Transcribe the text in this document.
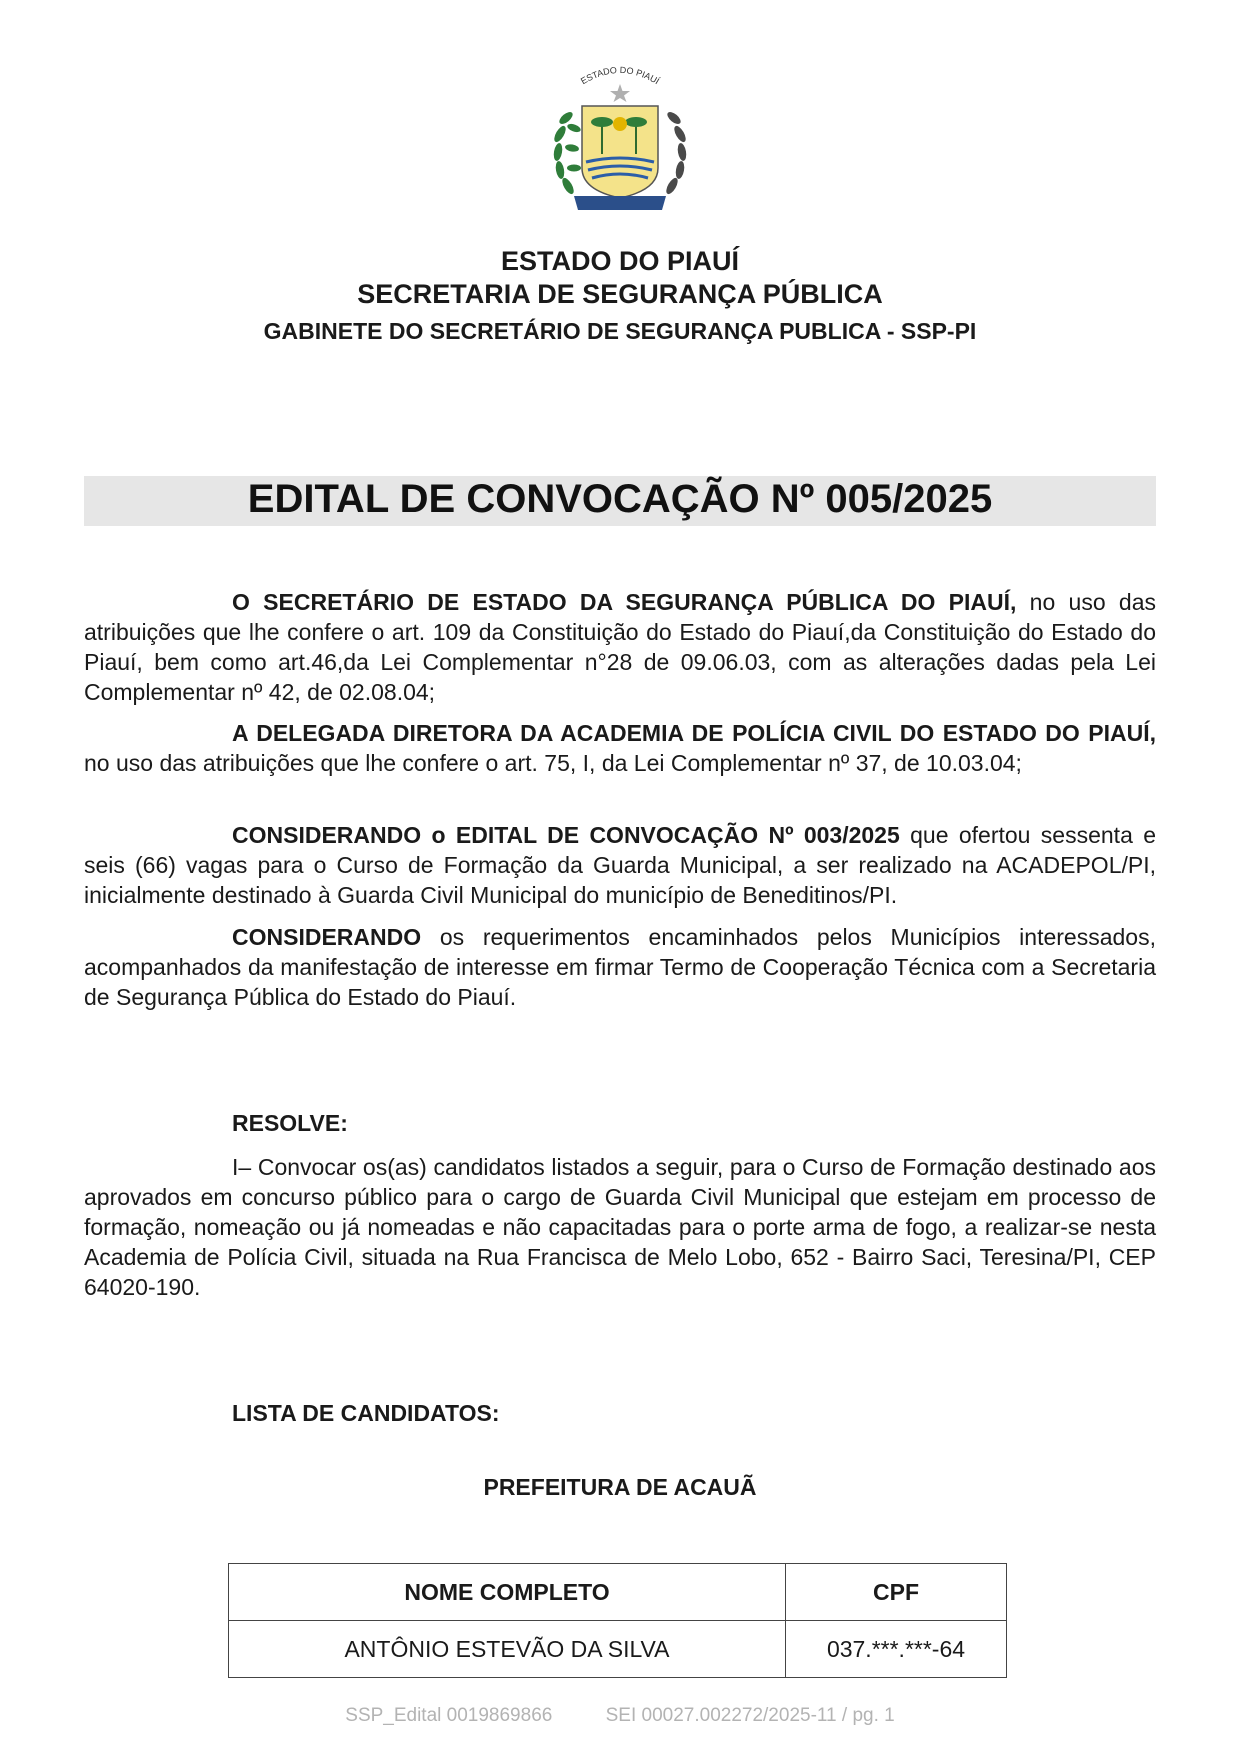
ESTADO DO PIAUÍ
ESTADO DO PIAUÍ
SECRETARIA DE SEGURANÇA PÚBLICA
GABINETE DO SECRETÁRIO DE SEGURANÇA PUBLICA - SSP-PI
EDITAL DE CONVOCAÇÃO Nº 005/2025
O SECRETÁRIO DE ESTADO DA SEGURANÇA PÚBLICA DO PIAUÍ, no uso das atribuições que lhe confere o art. 109 da Constituição do Estado do Piauí,da Constituição do Estado do Piauí, bem como art.46,da Lei Complementar n°28 de 09.06.03, com as alterações dadas pela Lei Complementar nº 42, de 02.08.04;
A DELEGADA DIRETORA DA ACADEMIA DE POLÍCIA CIVIL DO ESTADO DO PIAUÍ, no uso das atribuições que lhe confere o art. 75, I, da Lei Complementar nº 37, de 10.03.04;
CONSIDERANDO o EDITAL DE CONVOCAÇÃO Nº 003/2025 que ofertou sessenta e seis (66) vagas para o Curso de Formação da Guarda Municipal, a ser realizado na ACADEPOL/PI, inicialmente destinado à Guarda Civil Municipal do município de Beneditinos/PI.
CONSIDERANDO os requerimentos encaminhados pelos Municípios interessados, acompanhados da manifestação de interesse em firmar Termo de Cooperação Técnica com a Secretaria de Segurança Pública do Estado do Piauí.
RESOLVE:
I– Convocar os(as) candidatos listados a seguir, para o Curso de Formação destinado aos aprovados em concurso público para o cargo de Guarda Civil Municipal que estejam em processo de formação, nomeação ou já nomeadas e não capacitadas para o porte arma de fogo, a realizar-se nesta Academia de Polícia Civil, situada na Rua Francisca de Melo Lobo, 652 - Bairro Saci, Teresina/PI, CEP 64020-190.
LISTA DE CANDIDATOS:
PREFEITURA DE ACAUÃ
NOME COMPLETO	CPF
ANTÔNIO ESTEVÃO DA SILVA	037.***.***-64
SSP_Edital 0019869866	SEI 00027.002272/2025-11 / pg. 1
